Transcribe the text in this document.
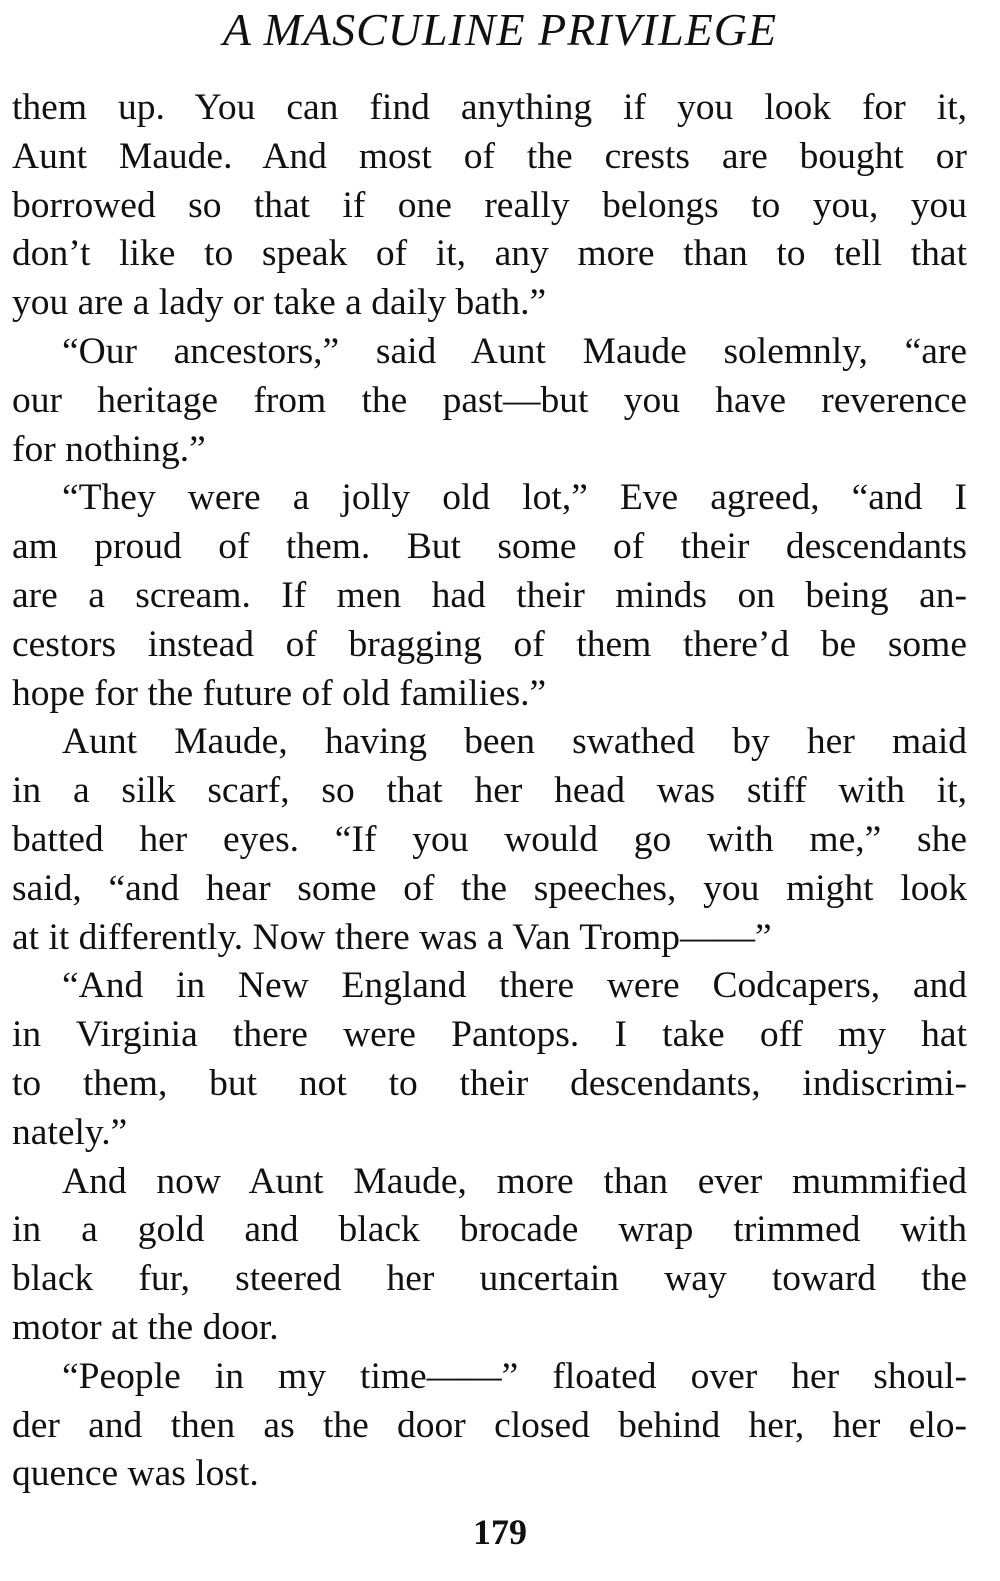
A MASCULINE PRIVILEGE
them up. You can find anything if you look for it,
Aunt Maude. And most of the crests are bought or
borrowed so that if one really belongs to you, you
don’t like to speak of it, any more than to tell that
you are a lady or take a daily bath.”
“Our ancestors,” said Aunt Maude solemnly, “are
our heritage from the past—but you have reverence
for nothing.”
“They were a jolly old lot,” Eve agreed, “and I
am proud of them. But some of their descendants
are a scream. If men had their minds on being an-
cestors instead of bragging of them there’d be some
hope for the future of old families.”
Aunt Maude, having been swathed by her maid
in a silk scarf, so that her head was stiff with it,
batted her eyes. “If you would go with me,” she
said, “and hear some of the speeches, you might look
at it differently. Now there was a Van Tromp——”
“And in New England there were Codcapers, and
in Virginia there were Pantops. I take off my hat
to them, but not to their descendants, indiscrimi-
nately.”
And now Aunt Maude, more than ever mummified
in a gold and black brocade wrap trimmed with
black fur, steered her uncertain way toward the
motor at the door.
“People in my time——” floated over her shoul-
der and then as the door closed behind her, her elo-
quence was lost.
179
